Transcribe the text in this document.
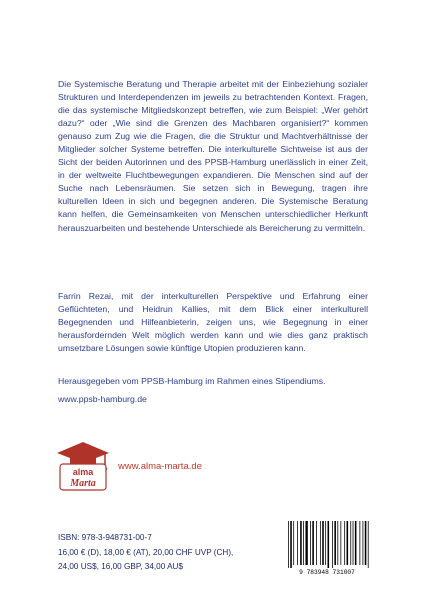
Die Systemische Beratung und Therapie arbeitet mit der Einbeziehung sozialer Strukturen und Interdependenzen im jeweils zu betrachtenden Kontext. Fragen, die das systemische Mitgliedskonzept betreffen, wie zum Beispiel: „Wer gehört dazu?“ oder „Wie sind die Grenzen des Machbaren organisiert?“ kommen genauso zum Zug wie die Fragen, die die Struktur und Machtverhältnisse der Mitglieder solcher Systeme betreffen. Die interkulturelle Sichtweise ist aus der Sicht der beiden Autorinnen und des PPSB-Hamburg unerlässlich in einer Zeit, in der weltweite Fluchtbewegungen expandieren. Die Menschen sind auf der Suche nach Lebensräumen. Sie setzen sich in Bewegung, tragen ihre kulturellen Ideen in sich und begegnen anderen. Die Systemische Beratung kann helfen, die Gemeinsamkeiten von Menschen unterschiedlicher Herkunft herauszuarbeiten und bestehende Unterschiede als Bereicherung zu vermitteln.

Farrin Rezai, mit der interkulturellen Perspektive und Erfahrung einer Geflüchteten, und Heidrun Kallies, mit dem Blick einer interkulturell Begegnenden und Hilfeanbieterin, zeigen uns, wie Begegnung in einer herausfordernden Welt möglich werden kann und wie dies ganz praktisch umsetzbare Lösungen sowie künftige Utopien produzieren kann.

Herausgegeben vom PPSB-Hamburg im Rahmen eines Stipendiums.

www.ppsb-hamburg.de

alma
Marta

www.alma-marta.de

ISBN: 978-3-948731-00-7
16,00 € (D), 18,00 € (AT), 20,00 CHF UVP (CH),
24,00 US$, 16,00 GBP, 34,00 AU$
9 783948 731007
